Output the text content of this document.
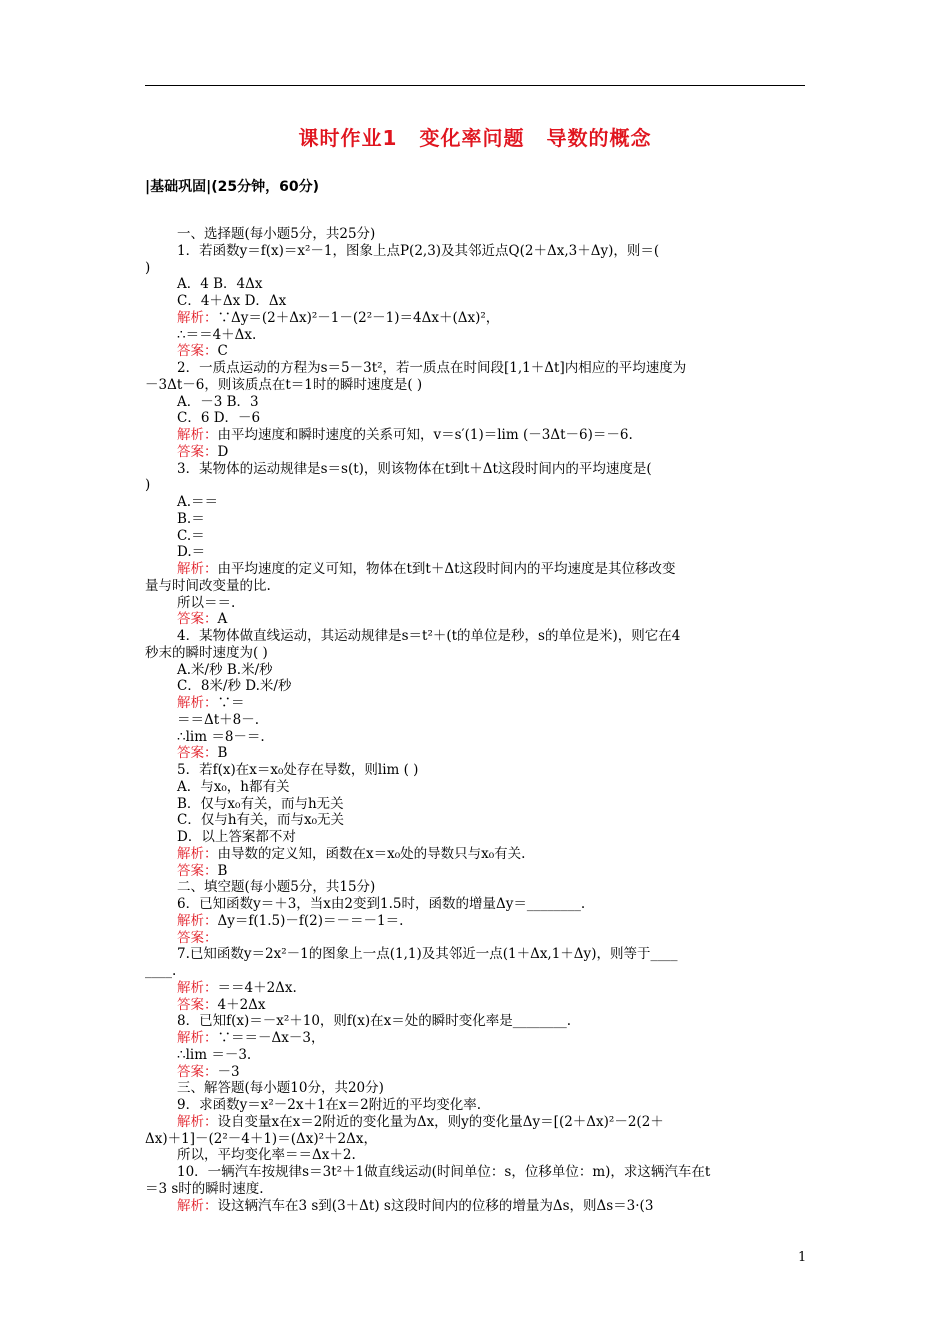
课时作业1 变化率问题 导数的概念
|基础巩固|(25分钟，60分)
一、选择题(每小题5分，共25分)
1．若函数y＝f(x)＝x²－1，图象上点P(2,3)及其邻近点Q(2＋Δx,3＋Δy)，则＝(
)
A．4 B．4Δx
C．4＋Δx D．Δx
解析：∵Δy＝(2＋Δx)²－1－(2²－1)＝4Δx＋(Δx)²，
∴＝＝4＋Δx.
答案：C
2．一质点运动的方程为s＝5－3t²，若一质点在时间段[1,1＋Δt]内相应的平均速度为
－3Δt－6，则该质点在t＝1时的瞬时速度是( )
A．－3 B．3
C．6 D．－6
解析：由平均速度和瞬时速度的关系可知，v＝s′(1)＝lim (－3Δt－6)＝－6.
答案：D
3．某物体的运动规律是s＝s(t)，则该物体在t到t＋Δt这段时间内的平均速度是(
)
A.＝＝
B.＝
C.＝
D.＝
解析：由平均速度的定义可知，物体在t到t＋Δt这段时间内的平均速度是其位移改变
量与时间改变量的比.
所以＝＝.
答案：A
4．某物体做直线运动，其运动规律是s＝t²＋(t的单位是秒，s的单位是米)，则它在4
秒末的瞬时速度为( )
A.米/秒 B.米/秒
C．8米/秒 D.米/秒
解析：∵＝
＝＝Δt＋8－.
∴lim ＝8－＝.
答案：B
5．若f(x)在x＝x₀处存在导数，则lim ( )
A．与x₀，h都有关
B．仅与x₀有关，而与h无关
C．仅与h有关，而与x₀无关
D．以上答案都不对
解析：由导数的定义知，函数在x＝x₀处的导数只与x₀有关.
答案：B
二、填空题(每小题5分，共15分)
6．已知函数y＝＋3，当x由2变到1.5时，函数的增量Δy＝________.
解析：Δy＝f(1.5)－f(2)＝－＝－1＝.
答案：
7.已知函数y＝2x²－1的图象上一点(1,1)及其邻近一点(1＋Δx,1＋Δy)，则等于____
____.
解析：＝＝4＋2Δx.
答案：4＋2Δx
8．已知f(x)＝－x²＋10，则f(x)在x＝处的瞬时变化率是________.
解析：∵＝＝－Δx－3，
∴lim ＝－3.
答案：－3
三、解答题(每小题10分，共20分)
9．求函数y＝x²－2x＋1在x＝2附近的平均变化率.
解析：设自变量x在x＝2附近的变化量为Δx，则y的变化量Δy＝[(2＋Δx)²－2(2＋
Δx)＋1]－(2²－4＋1)＝(Δx)²＋2Δx，
所以，平均变化率＝＝Δx＋2.
10．一辆汽车按规律s＝3t²＋1做直线运动(时间单位：s，位移单位：m)，求这辆汽车在t
＝3 s时的瞬时速度.
解析：设这辆汽车在3 s到(3＋Δt) s这段时间内的位移的增量为Δs，则Δs＝3·(3
1
